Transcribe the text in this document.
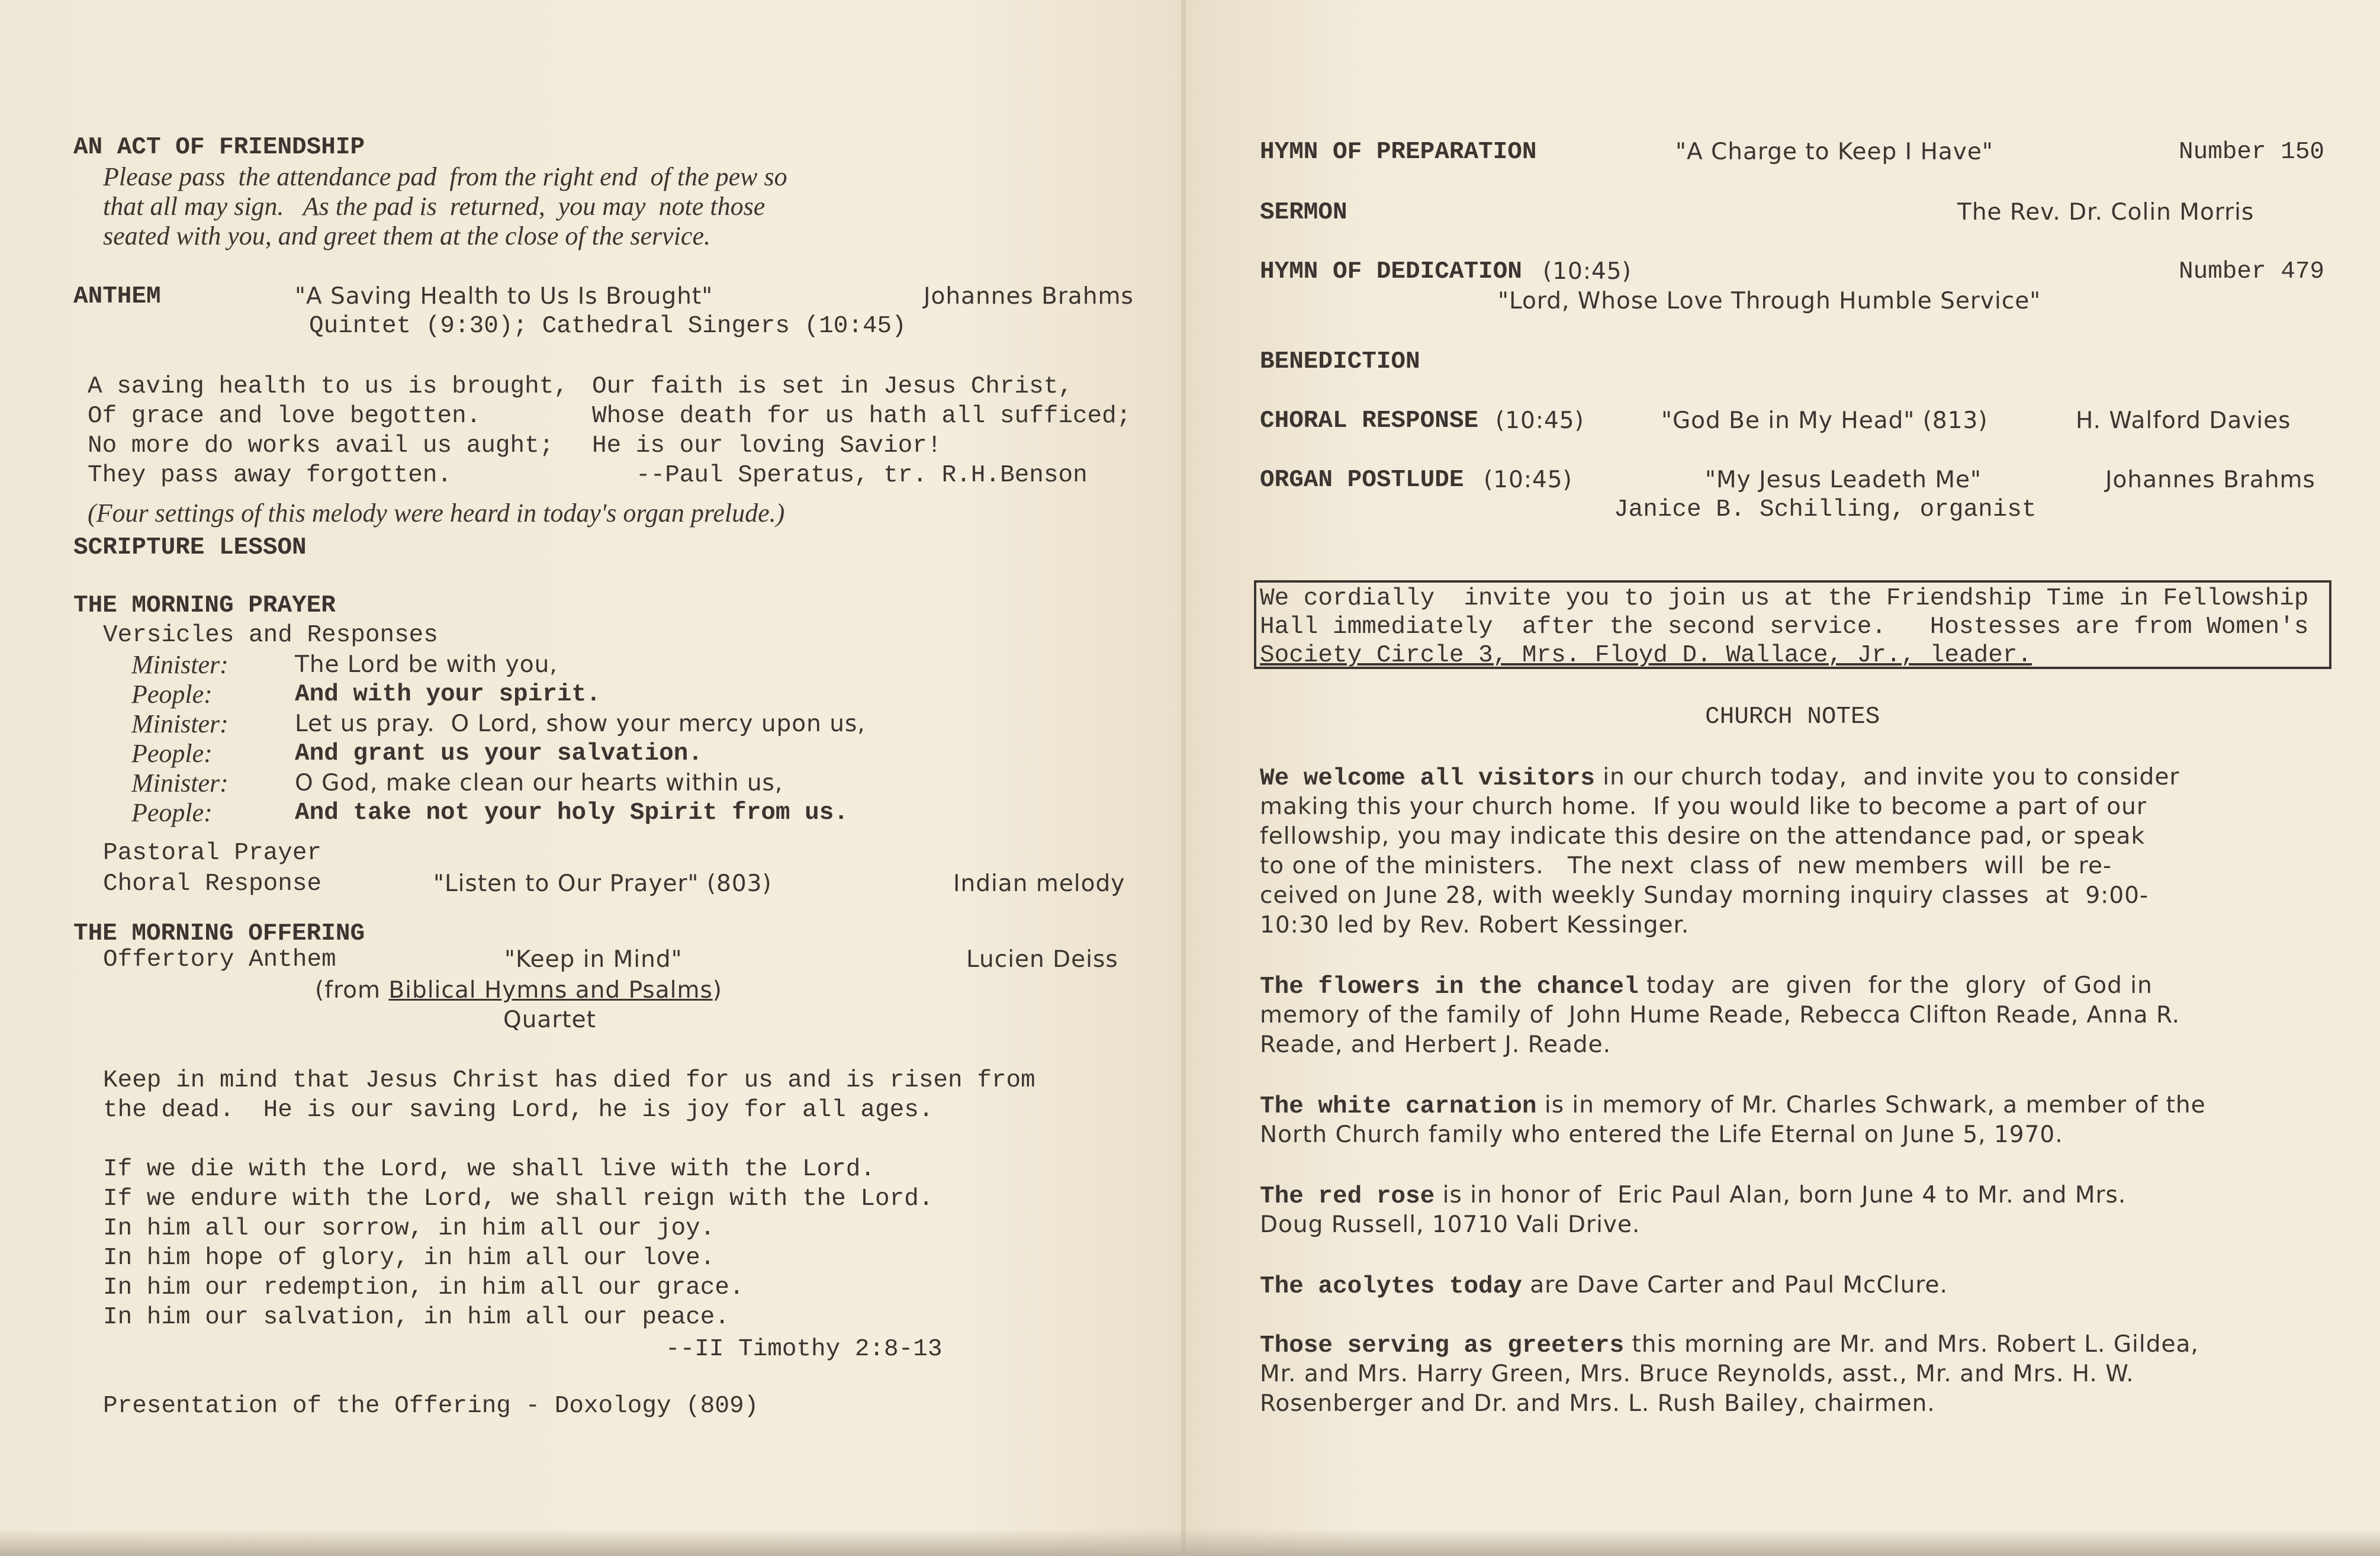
AN ACT OF FRIENDSHIP
Please pass  the attendance pad  from the right end  of the pew so
that all may sign.   As the pad is  returned,  you may  note those
seated with you, and greet them at the close of the service.
ANTHEM	"A Saving Health to Us Is Brought"	Johannes Brahms
Quintet (9:30); Cathedral Singers (10:45)
A saving health to us is brought,
Of grace and love begotten.
No more do works avail us aught;
They pass away forgotten.
Our faith is set in Jesus Christ,
Whose death for us hath all sufficed;
He is our loving Savior!
--Paul Speratus, tr. R.H.Benson
(Four settings of this melody were heard in today's organ prelude.)
SCRIPTURE LESSON
THE MORNING PRAYER
Versicles and Responses
Minister:	The Lord be with you,
People:	And with your spirit.
Minister:	Let us pray.  O Lord, show your mercy upon us,
People:	And grant us your salvation.
Minister:	O God, make clean our hearts within us,
People:	And take not your holy Spirit from us.
Pastoral Prayer
Choral Response	"Listen to Our Prayer" (803)	Indian melody
THE MORNING OFFERING
Offertory Anthem	"Keep in Mind"	Lucien Deiss
(from Biblical Hymns and Psalms)
Quartet
Keep in mind that Jesus Christ has died for us and is risen from
the dead.  He is our saving Lord, he is joy for all ages.
If we die with the Lord, we shall live with the Lord.
If we endure with the Lord, we shall reign with the Lord.
In him all our sorrow, in him all our joy.
In him hope of glory, in him all our love.
In him our redemption, in him all our grace.
In him our salvation, in him all our peace.
--II Timothy 2:8-13
Presentation of the Offering - Doxology (809)
HYMN OF PREPARATION	"A Charge to Keep I Have"	Number 150
SERMON	The Rev. Dr. Colin Morris
HYMN OF DEDICATION (10:45)	Number 479
"Lord, Whose Love Through Humble Service"
BENEDICTION
CHORAL RESPONSE (10:45)	"God Be in My Head" (813)	H. Walford Davies
ORGAN POSTLUDE (10:45)	"My Jesus Leadeth Me"	Johannes Brahms
Janice B. Schilling, organist
We cordially  invite you to join us at the Friendship Time in Fellowship
Hall immediately  after the second service.   Hostesses are from Women's
Society Circle 3, Mrs. Floyd D. Wallace, Jr., leader.
CHURCH NOTES
We welcome all visitors in our church today,  and invite you to consider
making this your church home.  If you would like to become a part of our
fellowship, you may indicate this desire on the attendance pad, or speak
to one of the ministers.   The next  class of  new members  will  be re-
ceived on June 28, with weekly Sunday morning inquiry classes  at  9:00-
10:30 led by Rev. Robert Kessinger.
The flowers in the chancel today  are  given  for the  glory  of God in
memory of the family of  John Hume Reade, Rebecca Clifton Reade, Anna R.
Reade, and Herbert J. Reade.
The white carnation is in memory of Mr. Charles Schwark, a member of the
North Church family who entered the Life Eternal on June 5, 1970.
The red rose is in honor of  Eric Paul Alan, born June 4 to Mr. and Mrs.
Doug Russell, 10710 Vali Drive.
The acolytes today are Dave Carter and Paul McClure.
Those serving as greeters this morning are Mr. and Mrs. Robert L. Gildea,
Mr. and Mrs. Harry Green, Mrs. Bruce Reynolds, asst., Mr. and Mrs. H. W.
Rosenberger and Dr. and Mrs. L. Rush Bailey, chairmen.
